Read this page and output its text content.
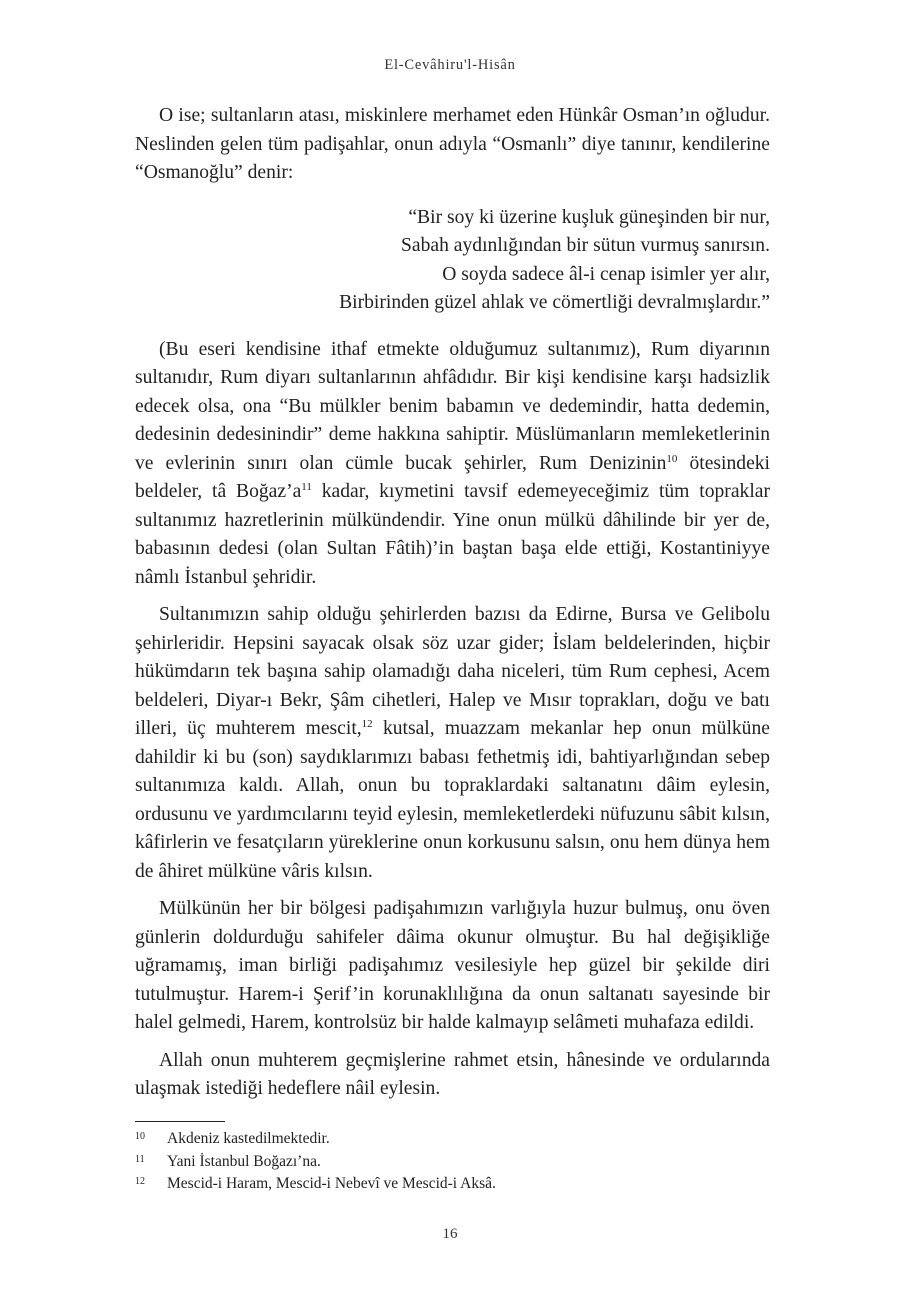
El-Cevâhiru'l-Hisân

O ise; sultanların atası, miskinlere merhamet eden Hünkâr Osman’ın oğludur. Neslinden gelen tüm padişahlar, onun adıyla “Osmanlı” diye tanınır, kendilerine “Osmanoğlu” denir:

“Bir soy ki üzerine kuşluk güneşinden bir nur,
Sabah aydınlığından bir sütun vurmuş sanırsın.
O soyda sadece âl-i cenap isimler yer alır,
Birbirinden güzel ahlak ve cömertliği devralmışlardır.”

(Bu eseri kendisine ithaf etmekte olduğumuz sultanımız), Rum diyarının sultanıdır, Rum diyarı sultanlarının ahfâdıdır. Bir kişi kendisine karşı hadsizlik edecek olsa, ona “Bu mülkler benim babamın ve dedemindir, hatta dedemin, dedesinin dedesinindir” deme hakkına sahiptir. Müslümanların memleketlerinin ve evlerinin sınırı olan cümle bucak şehirler, Rum Denizinin$^{10}$ ötesindeki beldeler, tâ $Boğaz’a^{11}$ kadar, kıymetini tavsif edemeyeceğimiz tüm topraklar sultanımız hazretlerinin mülkündendir. Yine onun mülkü dâhilinde bir yer de, babasının dedesi (olan Sultan Fâtih)’in baştan başa elde ettiği, Kostantiniyye nâmlı İstanbul şehridir.

Sultanımızın sahip olduğu şehirlerden bazısı da Edirne, Bursa ve Gelibolu şehirleridir. Hepsini sayacak olsak söz uzar gider; İslam beldelerinden, hiçbir hükümdarın tek başına sahip olamadığı daha niceleri, tüm Rum cephesi, Acem beldeleri, Diyar-ı Bekr, Şâm cihetleri, Halep ve Mısır toprakları, doğu ve batı illeri, üç muhterem mescit,$^{12}$ kutsal, muazzam mekanlar hep onun mülküne dahildir ki bu (son) saydıklarımızı babası fethetmiş idi, bahtiyarlığından sebep sultanımıza kaldı. Allah, onun bu topraklardaki saltanatını dâim eylesin, ordusunu ve yardımcılarını teyid eylesin, memleketlerdeki nüfuzunu sâbit kılsın, kâfirlerin ve fesatçıların yüreklerine onun korkusunu salsın, onu hem dünya hem de âhiret mülküne vâris kılsın.

Mülkünün her bir bölgesi padişahımızın varlığıyla huzur bulmuş, onu öven günlerin doldurduğu sahifeler dâima okunur olmuştur. Bu hal değişikliğe uğramamış, iman birliği padişahımız vesilesiyle hep güzel bir şekilde diri tutulmuştur. Harem-i Şerif’in korunaklılığına da onun saltanatı sayesinde bir halel gelmedi, Harem, kontrolsüz bir halde kalmayıp selâmeti muhafaza edildi.

Allah onun muhterem geçmişlerine rahmet etsin, hânesinde ve ordularında ulaşmak istediği hedeflere nâil eylesin.

10	Akdeniz kastedilmektedir.
11	Yani İstanbul Boğazı’na.
12	Mescid-i Haram, Mescid-i Nebevî ve Mescid-i Aksâ.
16
